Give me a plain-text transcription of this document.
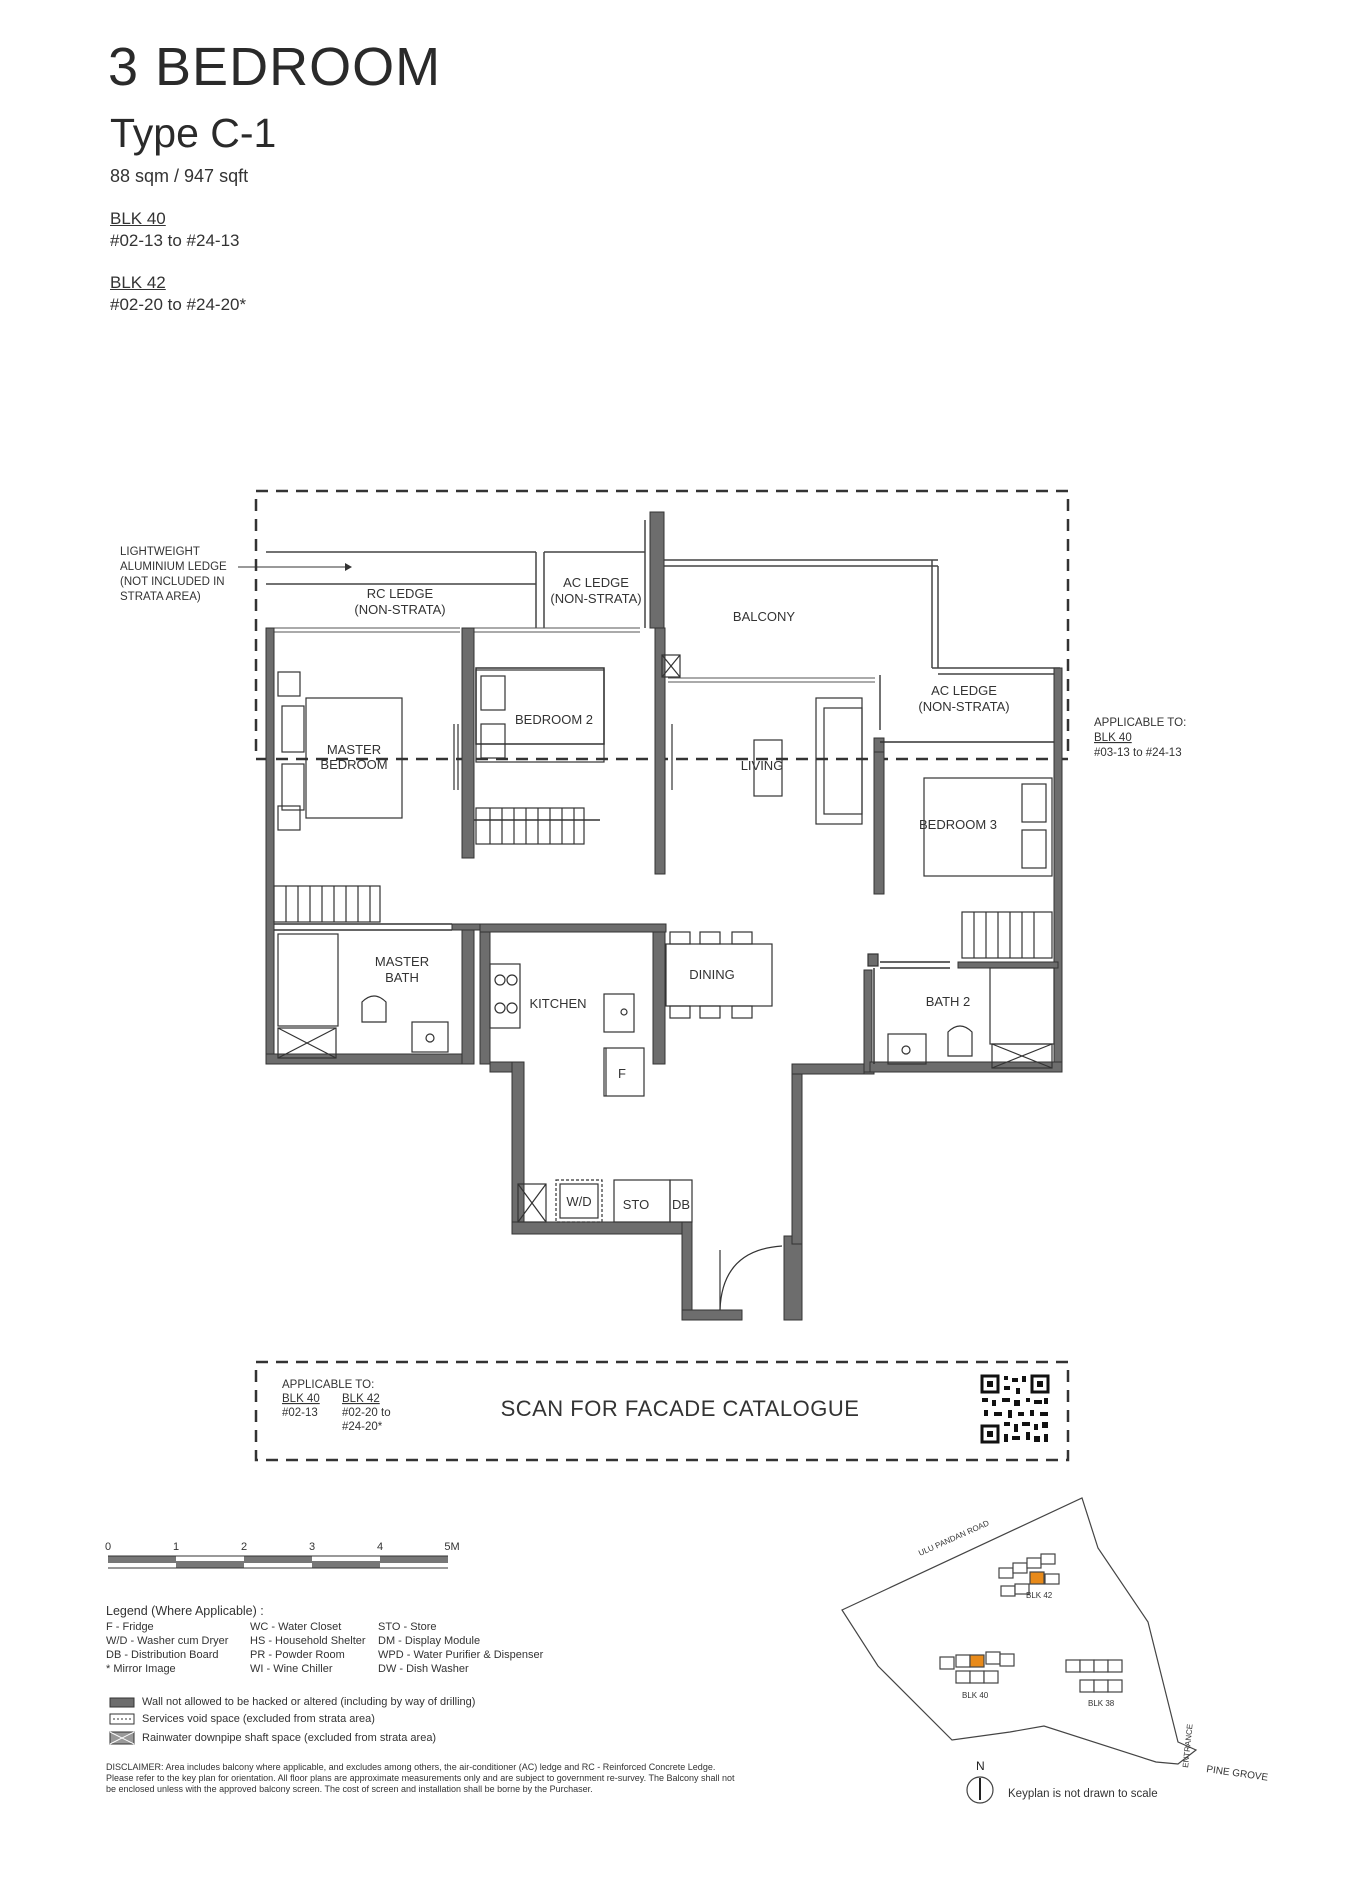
3 BEDROOM
Type C-1
88 sqm / 947 sqft
BLK 40
#02-13 to #24-13
BLK 42
#02-20 to #24-20*
MASTER
BEDROOM
BEDROOM 2
LIVING
BALCONY
BEDROOM 3
DINING
KITCHEN
MASTER
BATH
BATH 2
W/D STO DB
F
RC LEDGE
(NON-STRATA)
AC LEDGE
(NON-STRATA)
AC LEDGE
(NON-STRATA)
LIGHTWEIGHT
ALUMINIUM LEDGE
(NOT INCLUDED IN
STRATA AREA)
APPLICABLE TO:
BLK 40
#03-13 to #24-13
APPLICABLE TO:
BLK 40
#02-13
BLK 42
#02-20 to
#24-20*
SCAN FOR FACADE CATALOGUE
0	1	2	3	4	5M
BLK 42
BLK 40
BLK 38
ULU PANDAN ROAD
ENTRANCE
PINE GROVE
N
Keyplan is not drawn to scale
Legend (Where Applicable) :
F - Fridge
W/D - Washer cum Dryer
DB - Distribution Board
* Mirror Image
WC - Water Closet
HS - Household Shelter
PR - Powder Room
WI - Wine Chiller
STO - Store
DM - Display Module
WPD - Water Purifier & Dispenser
DW - Dish Washer
Wall not allowed to be hacked or altered (including by way of drilling)
Services void space (excluded from strata area)
Rainwater downpipe shaft space (excluded from strata area)
DISCLAIMER: Area includes balcony where applicable, and excludes among others, the air-conditioner (AC) ledge and RC - Reinforced Concrete Ledge. Please refer to the key plan for orientation. All floor plans are approximate measurements only and are subject to government re-survey. The Balcony shall not be enclosed unless with the approved balcony screen. The cost of screen and installation shall be borne by the Purchaser.
